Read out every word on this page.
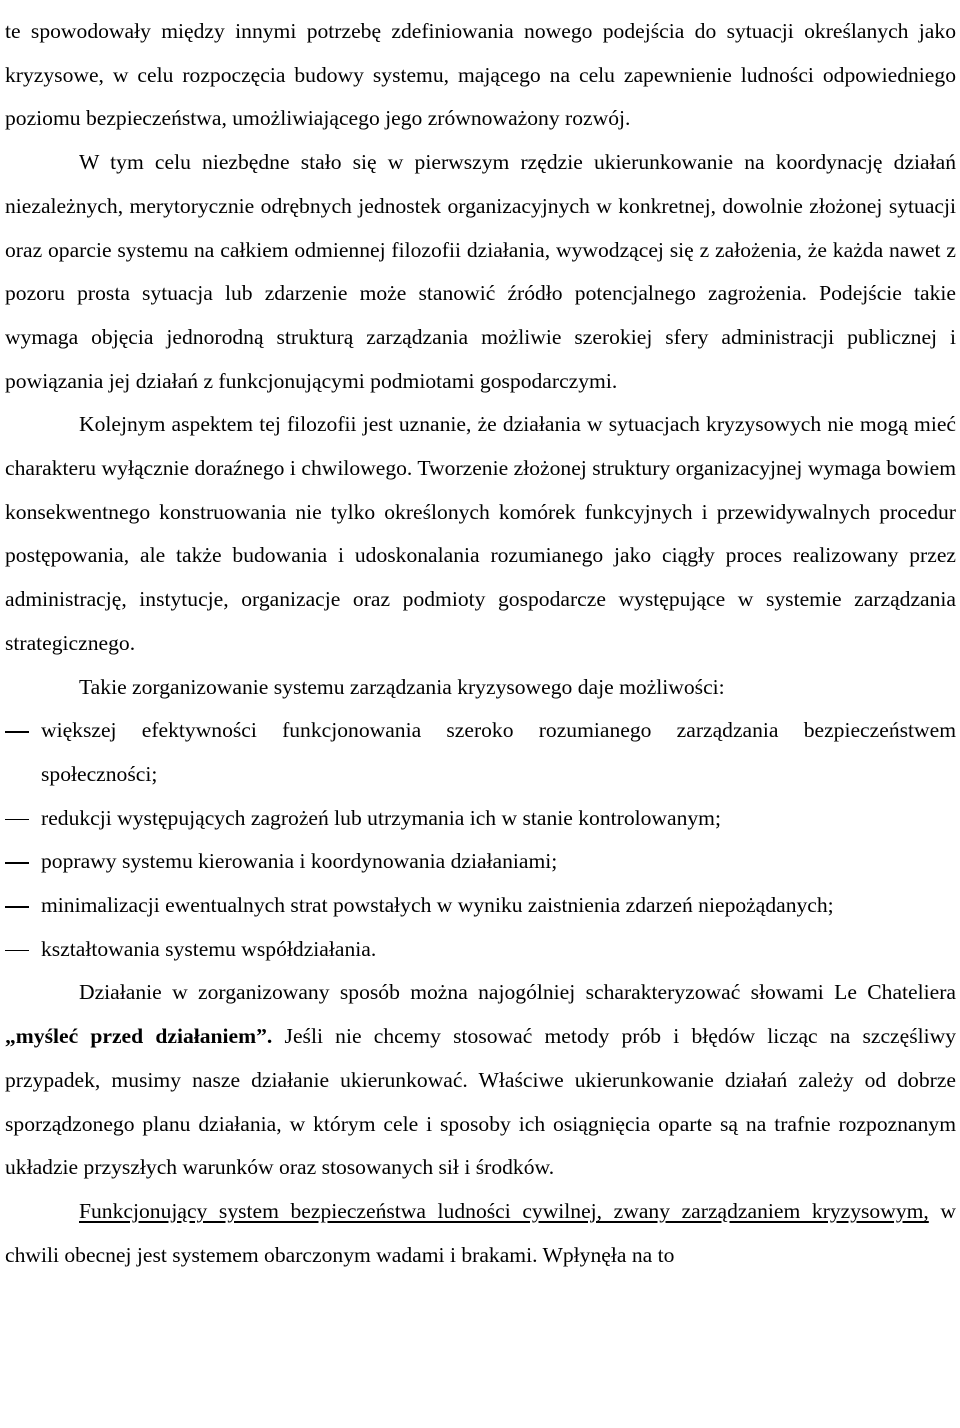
te spowodowały między innymi potrzebę zdefiniowania nowego podejścia do sytuacji określanych jako kryzysowe, w celu rozpoczęcia budowy systemu, mającego na celu zapewnienie ludności odpowiedniego poziomu bezpieczeństwa, umożliwiającego jego zrównoważony rozwój.

W tym celu niezbędne stało się w pierwszym rzędzie ukierunkowanie na koordynację działań niezależnych, merytorycznie odrębnych jednostek organizacyjnych w konkretnej, dowolnie złożonej sytuacji oraz oparcie systemu na całkiem odmiennej filozofii działania, wywodzącej się z założenia, że każda nawet z pozoru prosta sytuacja lub zdarzenie może stanowić źródło potencjalnego zagrożenia. Podejście takie wymaga objęcia jednorodną strukturą zarządzania możliwie szerokiej sfery administracji publicznej i powiązania jej działań z funkcjonującymi podmiotami gospodarczymi.

Kolejnym aspektem tej filozofii jest uznanie, że działania w sytuacjach kryzysowych nie mogą mieć charakteru wyłącznie doraźnego i chwilowego. Tworzenie złożonej struktury organizacyjnej wymaga bowiem konsekwentnego konstruowania nie tylko określonych komórek funkcyjnych i przewidywalnych procedur postępowania, ale także budowania i udoskonalania rozumianego jako ciągły proces realizowany przez administrację, instytucje, organizacje oraz podmioty gospodarcze występujące w systemie zarządzania strategicznego.

Takie zorganizowanie systemu zarządzania kryzysowego daje możliwości:

większej efektywności funkcjonowania szeroko rozumianego zarządzania bezpieczeństwem społeczności;
redukcji występujących zagrożeń lub utrzymania ich w stanie kontrolowanym;
poprawy systemu kierowania i koordynowania działaniami;
minimalizacji ewentualnych strat powstałych w wyniku zaistnienia zdarzeń niepożądanych;
kształtowania systemu współdziałania.

Działanie w zorganizowany sposób można najogólniej scharakteryzować słowami Le Chateliera „myśleć przed działaniem”. Jeśli nie chcemy stosować metody prób i błędów licząc na szczęśliwy przypadek, musimy nasze działanie ukierunkować. Właściwe ukierunkowanie działań zależy od dobrze sporządzonego planu działania, w którym cele i sposoby ich osiągnięcia oparte są na trafnie rozpoznanym układzie przyszłych warunków oraz stosowanych sił i środków.

Funkcjonujący system bezpieczeństwa ludności cywilnej, zwany zarządzaniem kryzysowym, w chwili obecnej jest systemem obarczonym wadami i brakami. Wpłynęła na to
